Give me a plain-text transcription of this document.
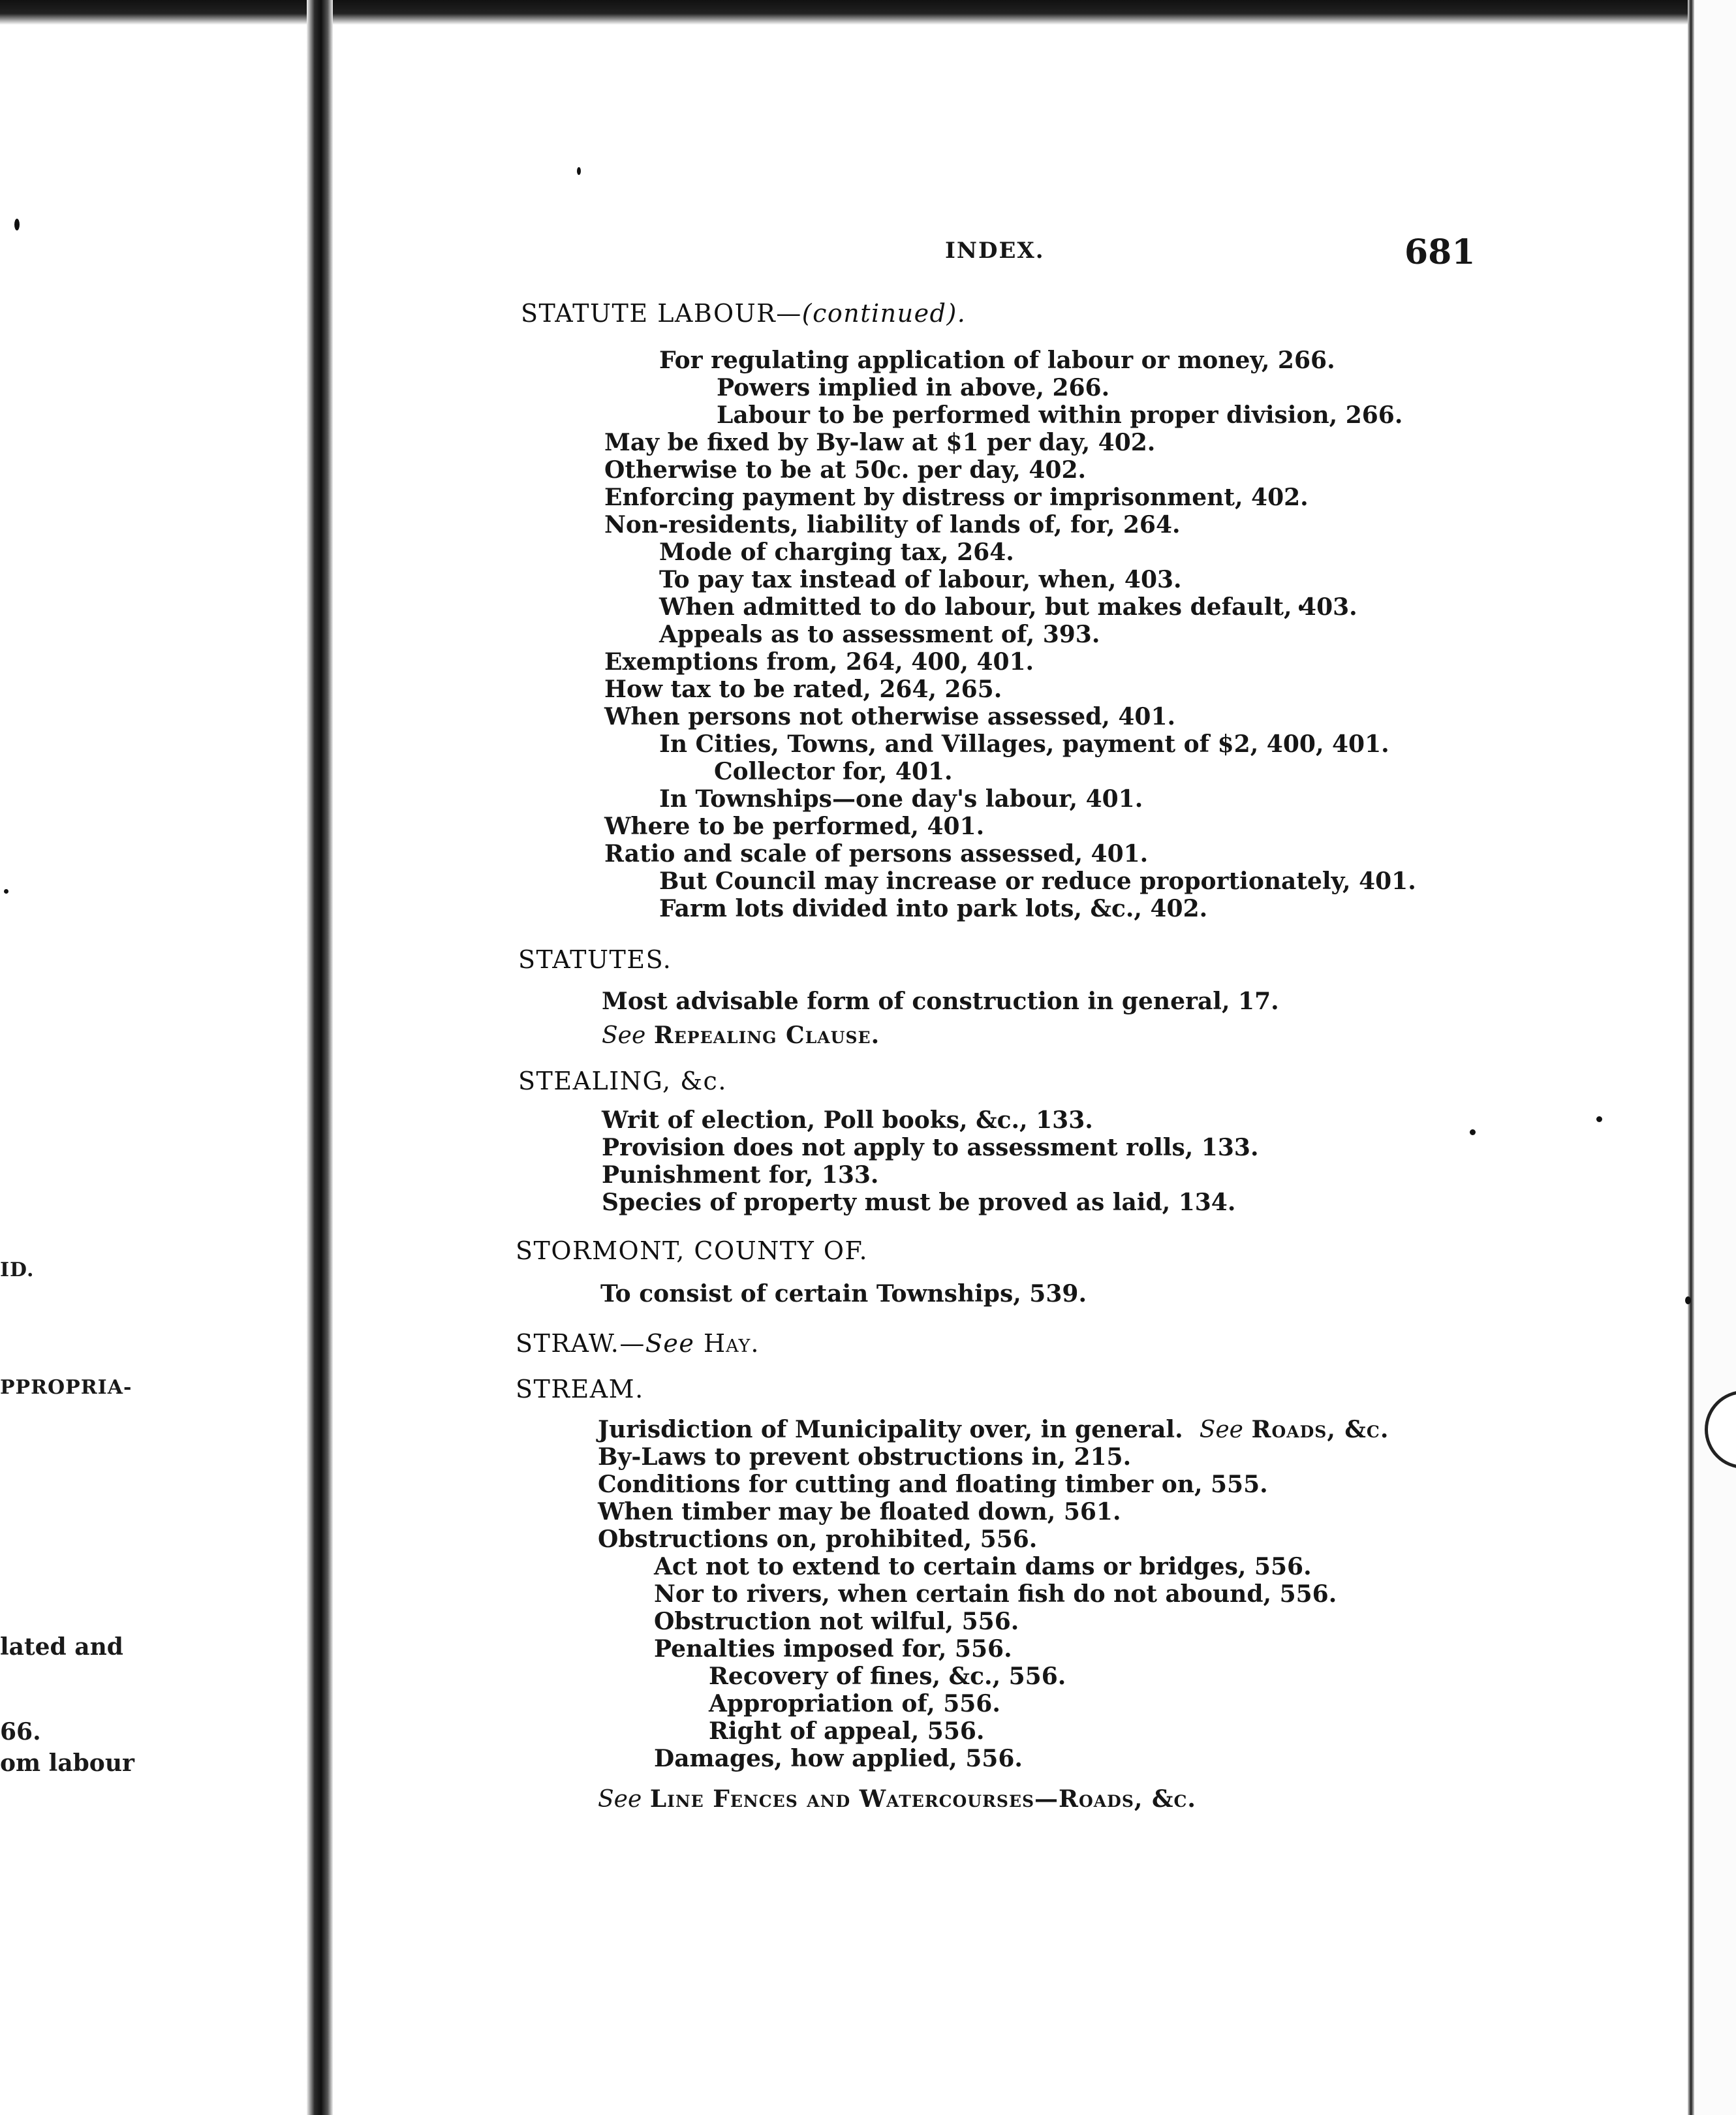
ID.
PPROPRIA-
lated and
66.
om labour
INDEX.	681
STATUTE LABOUR—(continued).
For regulating application of labour or money, 266.
Powers implied in above, 266.
Labour to be performed within proper division, 266.
May be fixed by By-law at $1 per day, 402.
Otherwise to be at 50c. per day, 402.
Enforcing payment by distress or imprisonment, 402.
Non-residents, liability of lands of, for, 264.
Mode of charging tax, 264.
To pay tax instead of labour, when, 403.
When admitted to do labour, but makes default, 403.
Appeals as to assessment of, 393.
Exemptions from, 264, 400, 401.
How tax to be rated, 264, 265.
When persons not otherwise assessed, 401.
In Cities, Towns, and Villages, payment of $2, 400, 401.
Collector for, 401.
In Townships—one day's labour, 401.
Where to be performed, 401.
Ratio and scale of persons assessed, 401.
But Council may increase or reduce proportionately, 401.
Farm lots divided into park lots, &c., 402.
STATUTES.
Most advisable form of construction in general, 17.
See Repealing Clause.
STEALING, &c.
Writ of election, Poll books, &c., 133.
Provision does not apply to assessment rolls, 133.
Punishment for, 133.
Species of property must be proved as laid, 134.
STORMONT, COUNTY OF.
To consist of certain Townships, 539.
STRAW.—See Hay.
STREAM.
Jurisdiction of Municipality over, in general. See Roads, &c.
By-Laws to prevent obstructions in, 215.
Conditions for cutting and floating timber on, 555.
When timber may be floated down, 561.
Obstructions on, prohibited, 556.
Act not to extend to certain dams or bridges, 556.
Nor to rivers, when certain fish do not abound, 556.
Obstruction not wilful, 556.
Penalties imposed for, 556.
Recovery of fines, &c., 556.
Appropriation of, 556.
Right of appeal, 556.
Damages, how applied, 556.
See Line Fences and Watercourses—Roads, &c.
